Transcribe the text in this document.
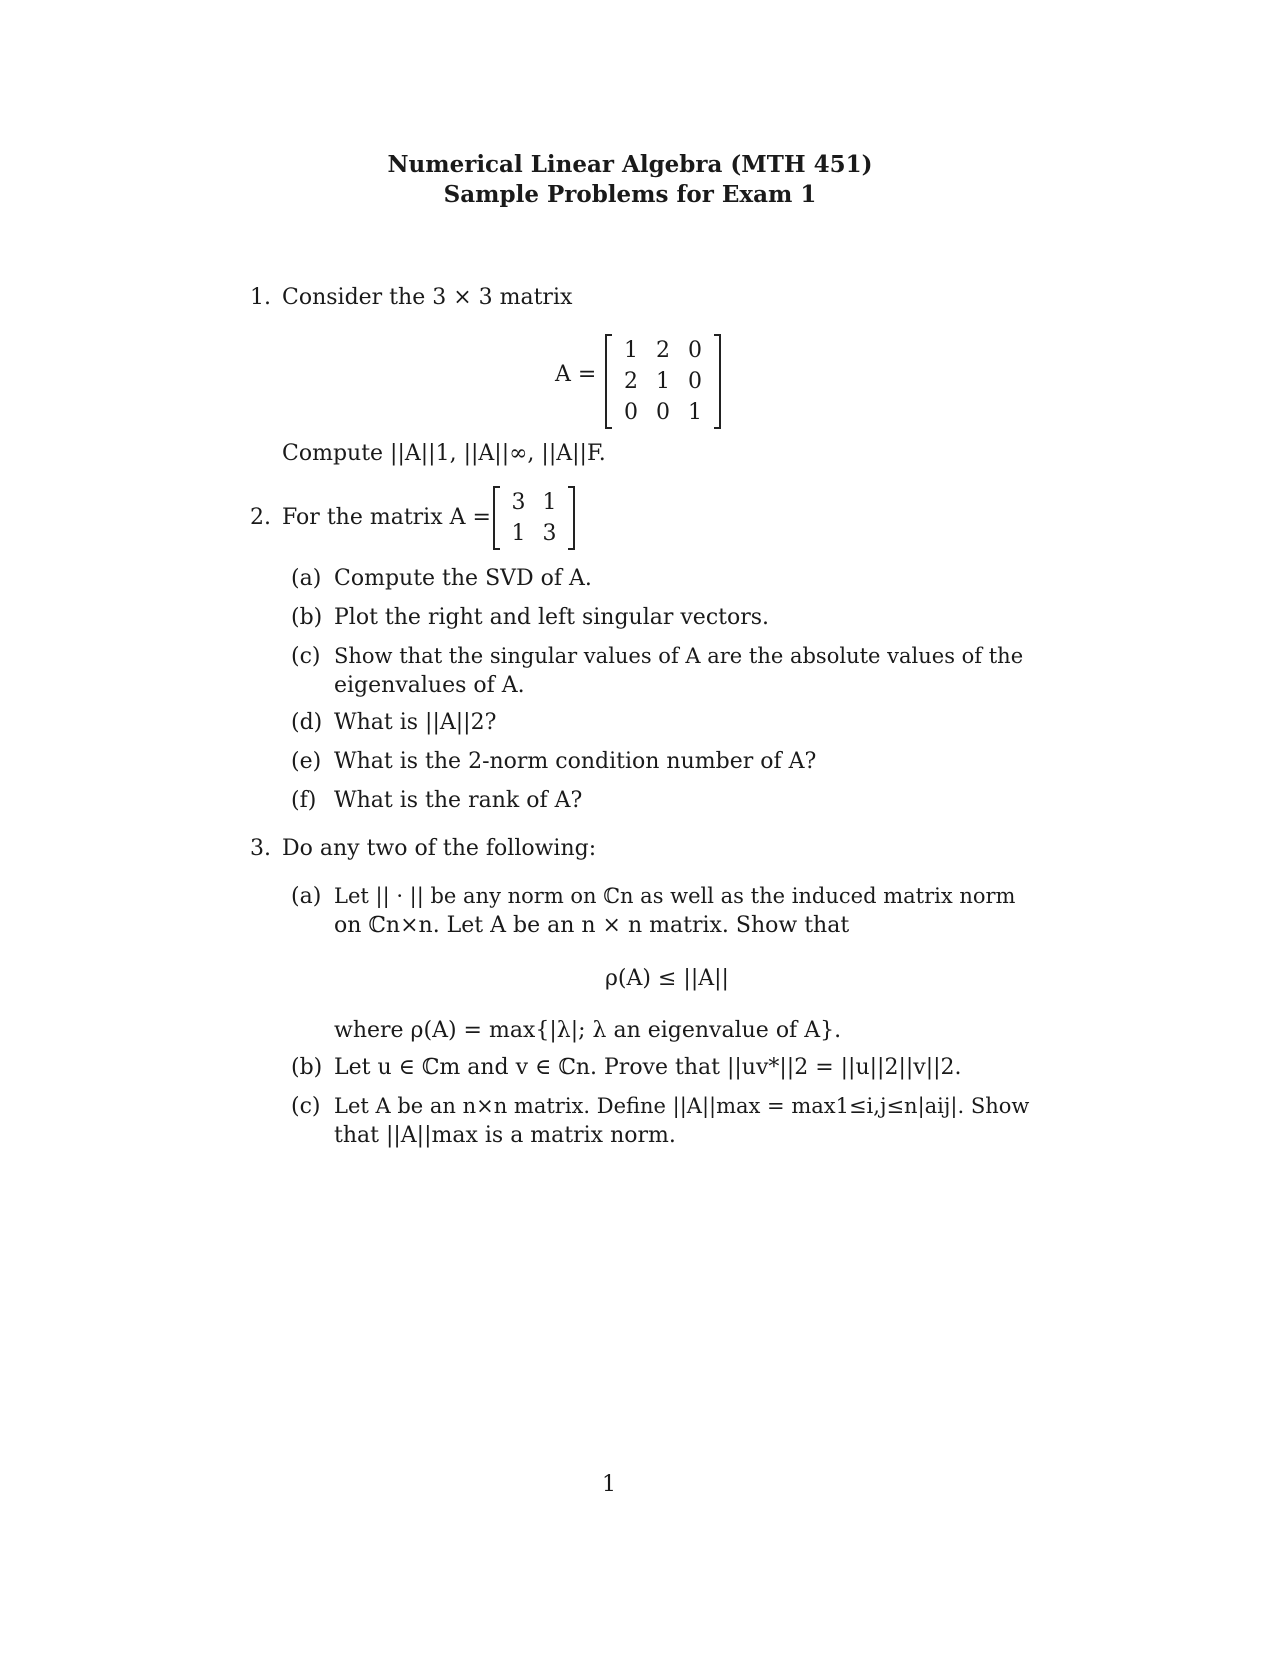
Numerical Linear Algebra (MTH 451)
Sample Problems for Exam 1
1. Consider the 3 × 3 matrix
A =
1 2 0
2 1 0
0 0 1
Compute ||A||1, ||A||∞, ||A||F.
2. For the matrix A =
3 1
1 3
(a) Compute the SVD of A.
(b) Plot the right and left singular vectors.
(c) Show that the singular values of A are the absolute values of the
eigenvalues of A.
(d) What is ||A||2?
(e) What is the 2-norm condition number of A?
(f) What is the rank of A?
3. Do any two of the following:
(a) Let || · || be any norm on ℂn as well as the induced matrix norm
on ℂn×n. Let A be an n × n matrix. Show that
ρ(A) ≤ ||A||
where ρ(A) = max{|λ|; λ an eigenvalue of A}.
(b) Let u ∈ ℂm and v ∈ ℂn. Prove that ||uv*||2 = ||u||2||v||2.
(c) Let A be an n×n matrix. Define ||A||max = max1≤i,j≤n|aij|. Show
that ||A||max is a matrix norm.
1
